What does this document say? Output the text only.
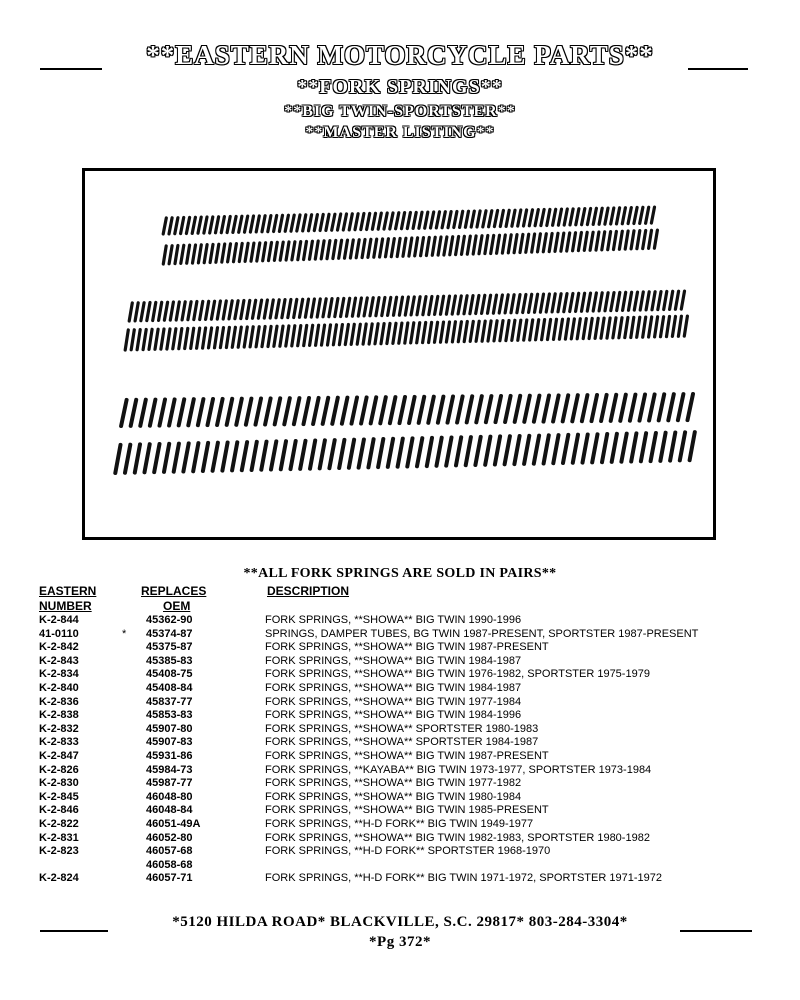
**EASTERN MOTORCYCLE PARTS**
**FORK SPRINGS**
**BIG TWIN-SPORTSTER**
**MASTER LISTING**
**ALL FORK SPRINGS ARE SOLD IN PAIRS**
EASTERN
NUMBER
REPLACES
OEM
DESCRIPTION
K-2-844	45362-90	FORK SPRINGS, **SHOWA** BIG TWIN 1990-1996
41-0110	* 45374-87	SPRINGS, DAMPER TUBES, BG TWIN 1987-PRESENT, SPORTSTER 1987-PRESENT
K-2-842	45375-87	FORK SPRINGS, **SHOWA** BIG TWIN 1987-PRESENT
K-2-843	45385-83	FORK SPRINGS, **SHOWA** BIG TWIN 1984-1987
K-2-834	45408-75	FORK SPRINGS, **SHOWA** BIG TWIN 1976-1982, SPORTSTER 1975-1979
K-2-840	45408-84	FORK SPRINGS, **SHOWA** BIG TWIN 1984-1987
K-2-836	45837-77	FORK SPRINGS, **SHOWA** BIG TWIN 1977-1984
K-2-838	45853-83	FORK SPRINGS, **SHOWA** BIG TWIN 1984-1996
K-2-832	45907-80	FORK SPRINGS, **SHOWA** SPORTSTER 1980-1983
K-2-833	45907-83	FORK SPRINGS, **SHOWA** SPORTSTER 1984-1987
K-2-847	45931-86	FORK SPRINGS, **SHOWA** BIG TWIN 1987-PRESENT
K-2-826	45984-73	FORK SPRINGS, **KAYABA** BIG TWIN 1973-1977, SPORTSTER 1973-1984
K-2-830	45987-77	FORK SPRINGS, **SHOWA** BIG TWIN 1977-1982
K-2-845	46048-80	FORK SPRINGS, **SHOWA** BIG TWIN 1980-1984
K-2-846	46048-84	FORK SPRINGS, **SHOWA** BIG TWIN 1985-PRESENT
K-2-822	46051-49A	FORK SPRINGS, **H-D FORK** BIG TWIN 1949-1977
K-2-831	46052-80	FORK SPRINGS, **SHOWA** BIG TWIN 1982-1983, SPORTSTER 1980-1982
K-2-823	46057-68	FORK SPRINGS, **H-D FORK** SPORTSTER 1968-1970
46058-68
K-2-824	46057-71	FORK SPRINGS, **H-D FORK** BIG TWIN 1971-1972, SPORTSTER 1971-1972
*5120 HILDA ROAD* BLACKVILLE, S.C. 29817* 803-284-3304*
*Pg 372*
